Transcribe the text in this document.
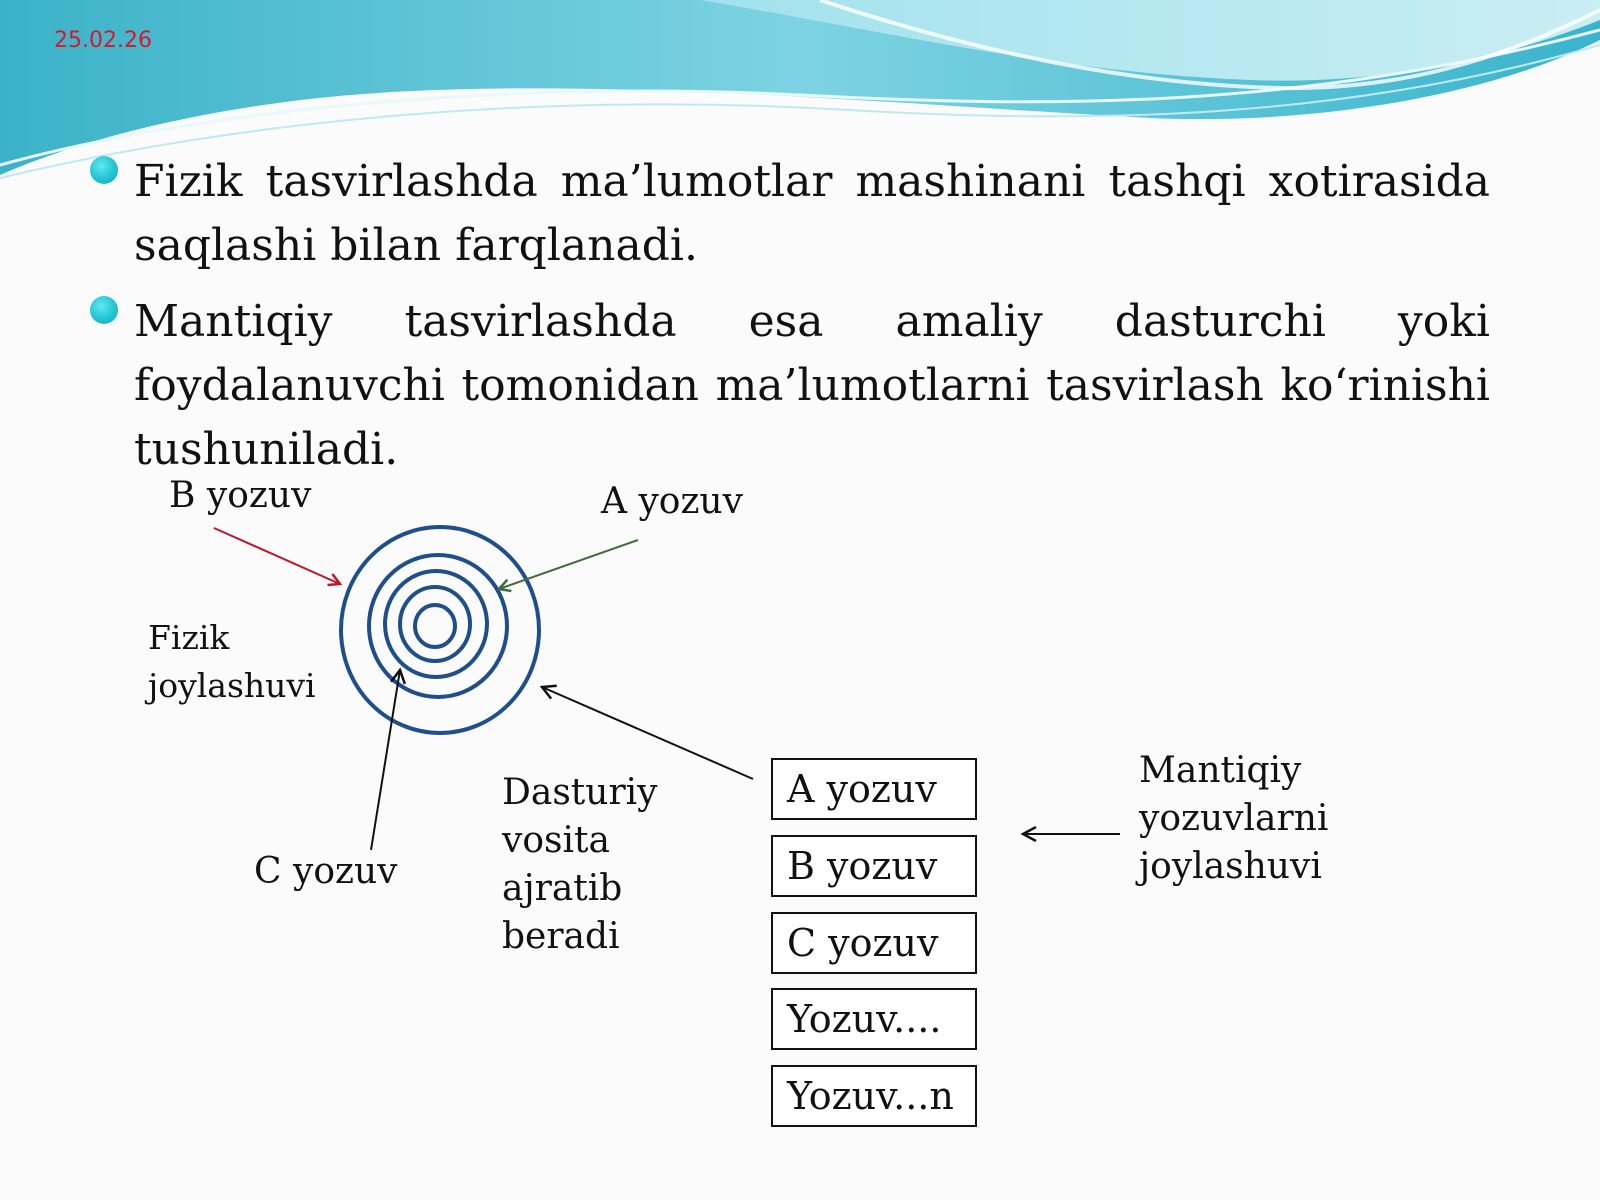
25.02.26
Fizik tasvirlashda ma’lumotlar mashinani tashqi xotirasida saqlashi bilan farqlanadi.
Mantiqiy tasvirlashda esa amaliy dasturchi yoki foydalanuvchi tomonidan ma’lumotlarni tasvirlash ko‘rinishi tushuniladi.
B yozuv	A yozuv
Fizik
joylashuvi
C yozuv
Dasturiy
vosita
ajratib
beradi
Mantiqiy
yozuvlarni
joylashuvi
A yozuv
B yozuv
C yozuv
Yozuv....
Yozuv...n
